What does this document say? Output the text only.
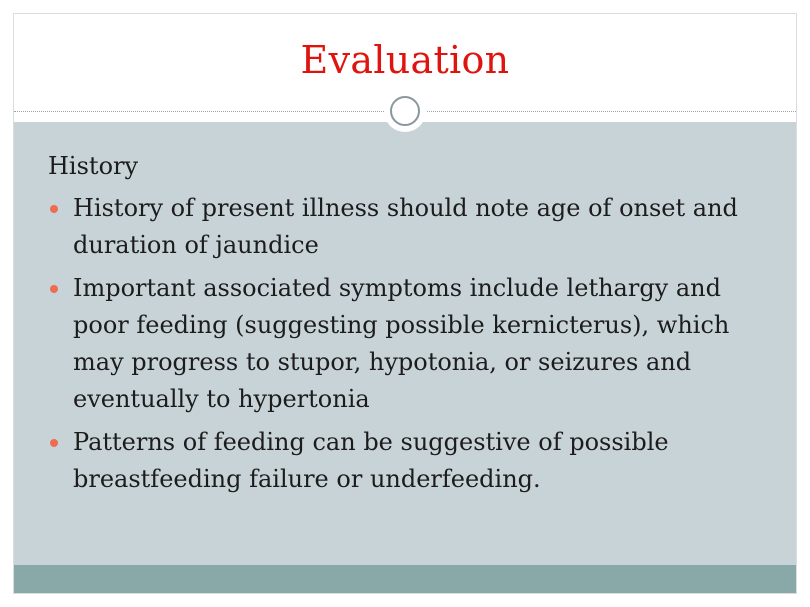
Evaluation
History
History of present illness should note age of onset and duration of jaundice
Important associated symptoms include lethargy and poor feeding (suggesting possible kernicterus), which may progress to stupor, hypotonia, or seizures and eventually to hypertonia
Patterns of feeding can be suggestive of possible breastfeeding failure or underfeeding.
